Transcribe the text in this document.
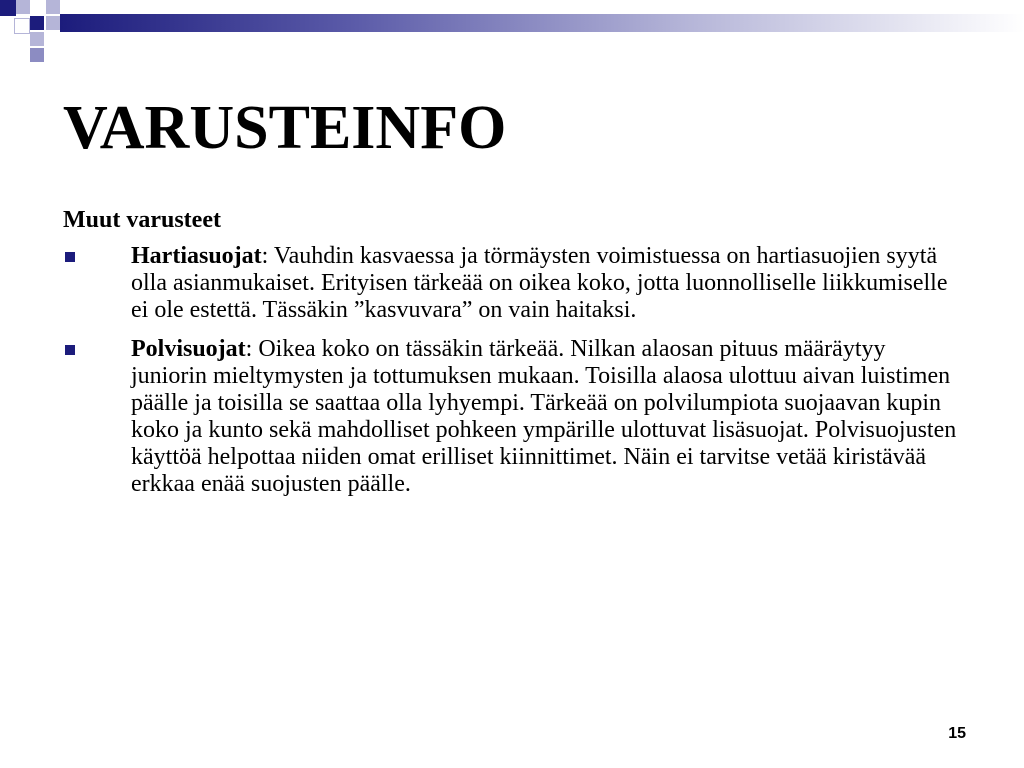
VARUSTEINFO
Muut varusteet
Hartiasuojat: Vauhdin kasvaessa ja törmäysten voimistuessa on hartiasuojien syytä olla asianmukaiset. Erityisen tärkeää on oikea koko, jotta luonnolliselle liikkumiselle ei ole estettä. Tässäkin ”kasvuvara” on vain haitaksi.
Polvisuojat: Oikea koko on tässäkin tärkeää. Nilkan alaosan pituus määräytyy juniorin mieltymysten ja tottumuksen mukaan. Toisilla alaosa ulottuu aivan luistimen päälle ja toisilla se saattaa olla lyhyempi. Tärkeää on polvilumpiota suojaavan kupin koko ja kunto sekä mahdolliset pohkeen ympärille ulottuvat lisäsuojat. Polvisuojusten käyttöä helpottaa niiden omat erilliset kiinnittimet. Näin ei tarvitse vetää kiristävää erkkaa enää suojusten päälle.
15
